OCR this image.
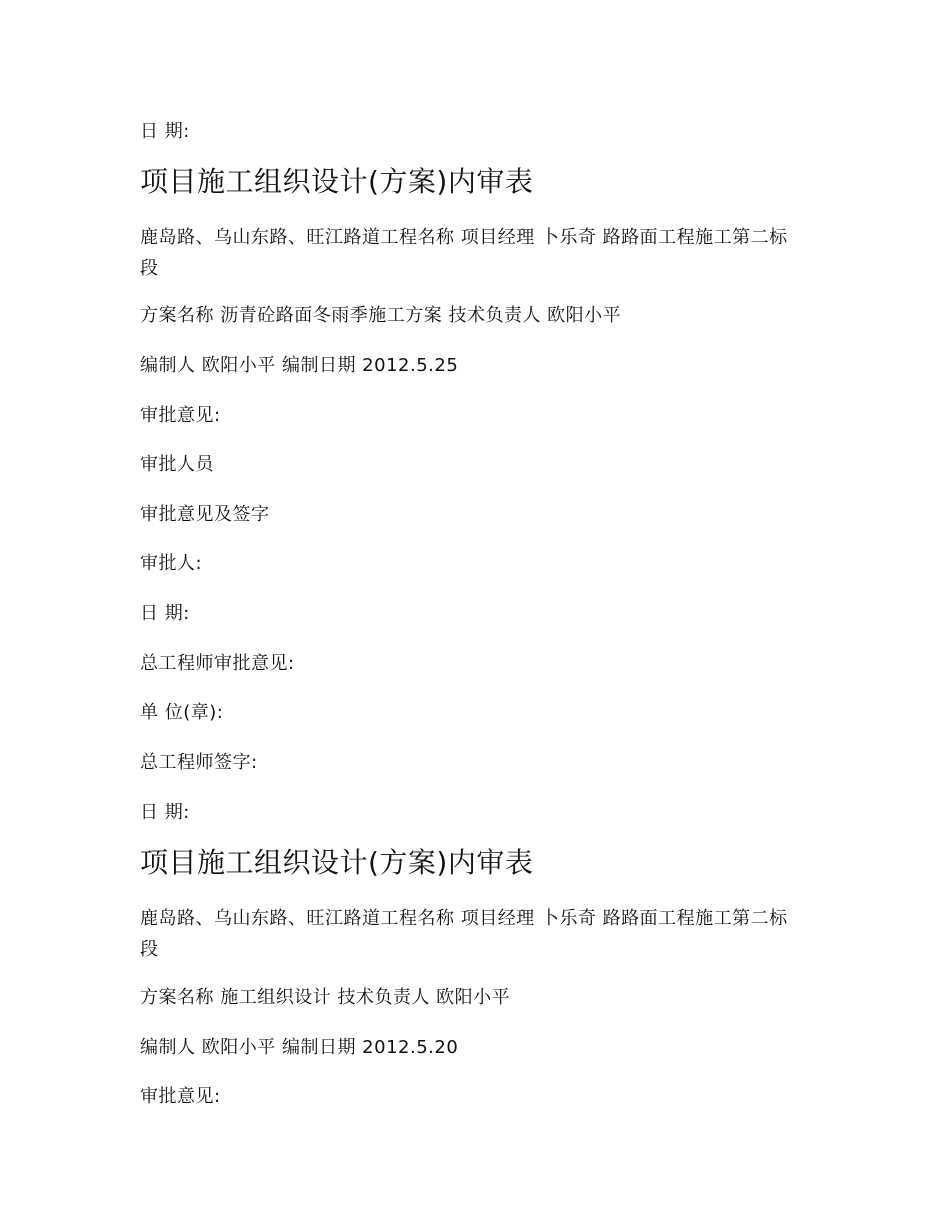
日 期:
项目施工组织设计(方案)内审表
鹿岛路、乌山东路、旺江路道工程名称 项目经理 卜乐奇 路路面工程施工第二标段
方案名称 沥青砼路面冬雨季施工方案 技术负责人 欧阳小平
编制人 欧阳小平 编制日期 2012.5.25
审批意见:
审批人员
审批意见及签字
审批人:
日 期:
总工程师审批意见:
单 位(章):
总工程师签字:
日 期:
项目施工组织设计(方案)内审表
鹿岛路、乌山东路、旺江路道工程名称 项目经理 卜乐奇 路路面工程施工第二标段
方案名称 施工组织设计 技术负责人 欧阳小平
编制人 欧阳小平 编制日期 2012.5.20
审批意见:
